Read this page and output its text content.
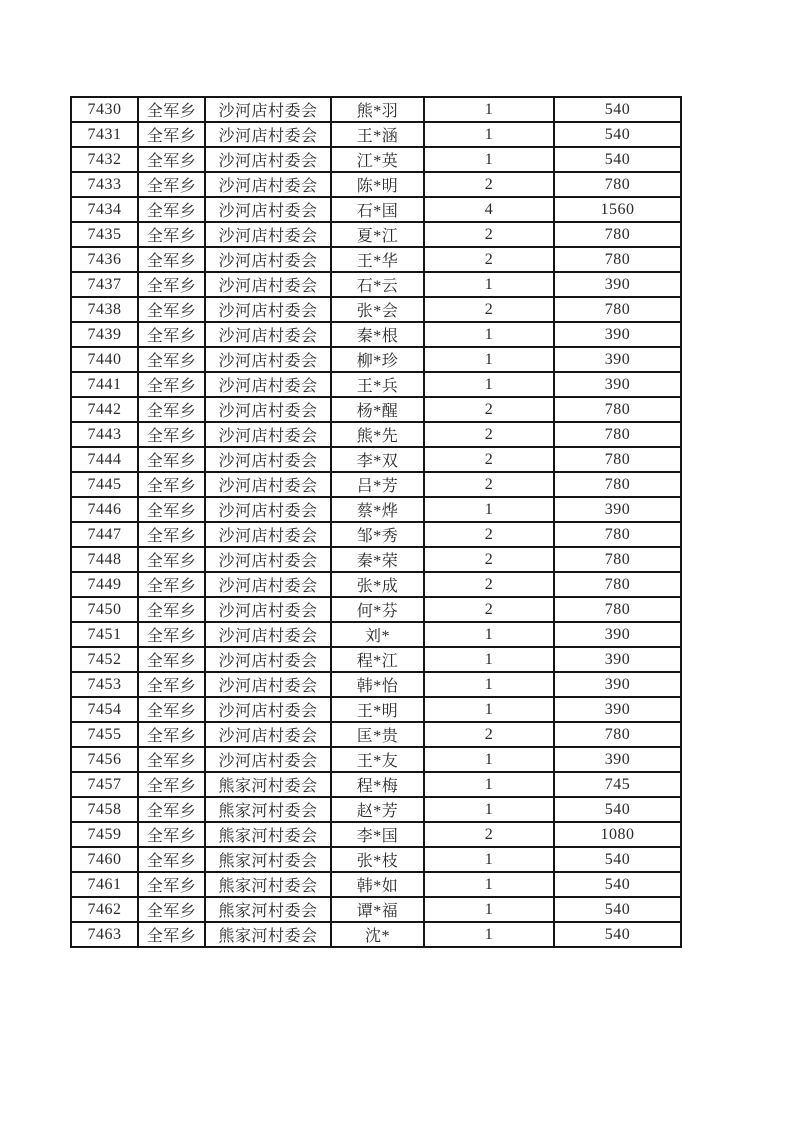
7430	全军乡	沙河店村委会	熊*羽	1	540
7431	全军乡	沙河店村委会	王*涵	1	540
7432	全军乡	沙河店村委会	江*英	1	540
7433	全军乡	沙河店村委会	陈*明	2	780
7434	全军乡	沙河店村委会	石*国	4	1560
7435	全军乡	沙河店村委会	夏*江	2	780
7436	全军乡	沙河店村委会	王*华	2	780
7437	全军乡	沙河店村委会	石*云	1	390
7438	全军乡	沙河店村委会	张*会	2	780
7439	全军乡	沙河店村委会	秦*根	1	390
7440	全军乡	沙河店村委会	柳*珍	1	390
7441	全军乡	沙河店村委会	王*兵	1	390
7442	全军乡	沙河店村委会	杨*醒	2	780
7443	全军乡	沙河店村委会	熊*先	2	780
7444	全军乡	沙河店村委会	李*双	2	780
7445	全军乡	沙河店村委会	吕*芳	2	780
7446	全军乡	沙河店村委会	蔡*烨	1	390
7447	全军乡	沙河店村委会	邹*秀	2	780
7448	全军乡	沙河店村委会	秦*荣	2	780
7449	全军乡	沙河店村委会	张*成	2	780
7450	全军乡	沙河店村委会	何*芬	2	780
7451	全军乡	沙河店村委会	刘*	1	390
7452	全军乡	沙河店村委会	程*江	1	390
7453	全军乡	沙河店村委会	韩*怡	1	390
7454	全军乡	沙河店村委会	王*明	1	390
7455	全军乡	沙河店村委会	匡*贵	2	780
7456	全军乡	沙河店村委会	王*友	1	390
7457	全军乡	熊家河村委会	程*梅	1	745
7458	全军乡	熊家河村委会	赵*芳	1	540
7459	全军乡	熊家河村委会	李*国	2	1080
7460	全军乡	熊家河村委会	张*枝	1	540
7461	全军乡	熊家河村委会	韩*如	1	540
7462	全军乡	熊家河村委会	谭*福	1	540
7463	全军乡	熊家河村委会	沈*	1	540
